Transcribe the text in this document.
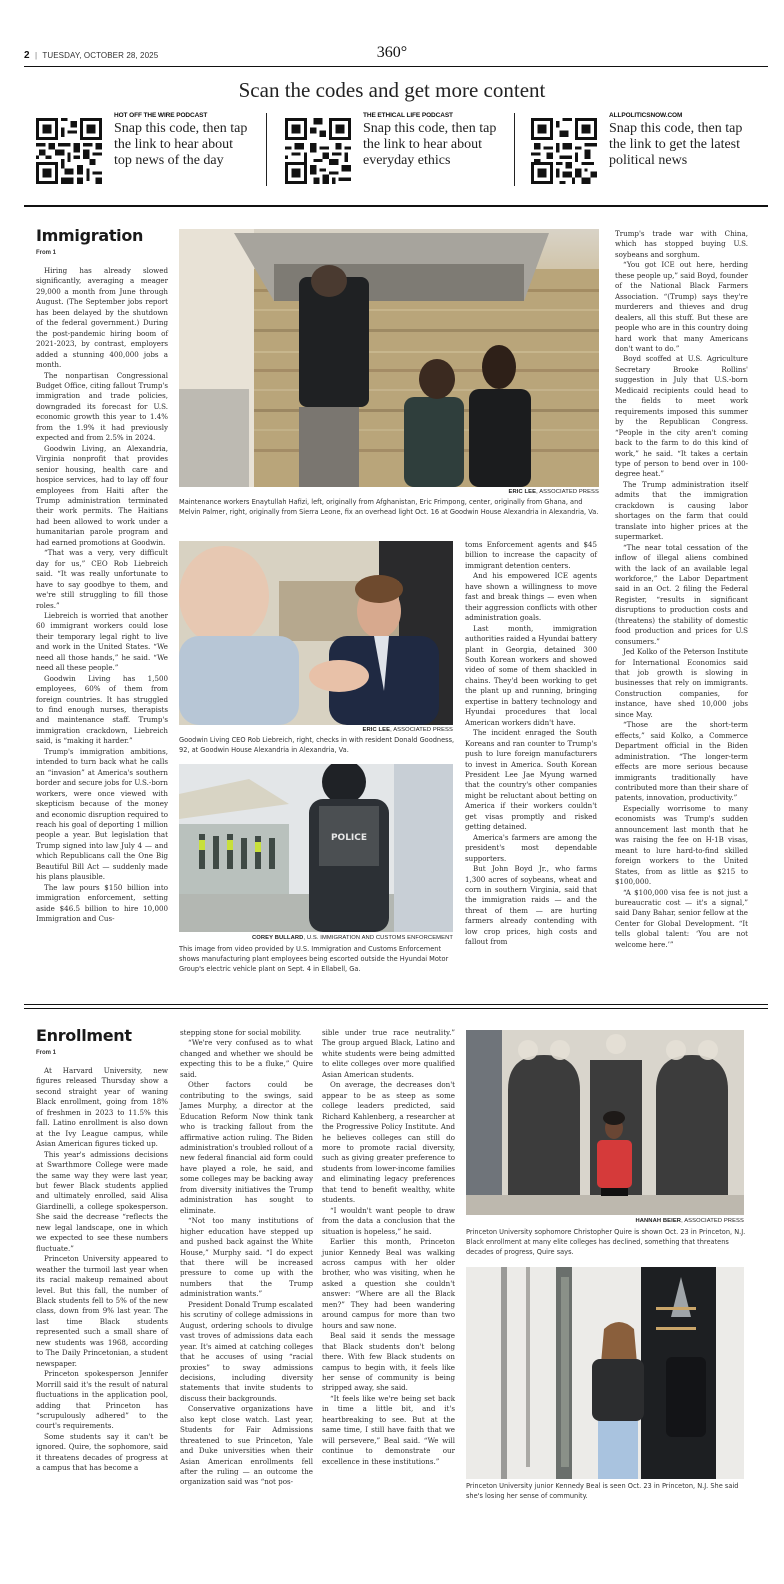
2 | TUESDAY, OCTOBER 28, 2025	360°
Scan the codes and get more content
HOT OFF THE WIRE PODCAST
Snap this code, then tap the link to hear about top news of the day
THE ETHICAL LIFE PODCAST
Snap this code, then tap the link to hear about everyday ethics
ALLPOLITICSNOW.COM
Snap this code, then tap the link to get the latest political news
Immigration
From 1

Hiring has already slowed significantly, averaging a meager 29,000 a month from June through August. (The September jobs report has been delayed by the shutdown of the federal government.) During the post-pandemic hiring boom of 2021-2023, by contrast, employers added a stunning 400,000 jobs a month.

The nonpartisan Congressional Budget Office, citing fallout Trump's immigration and trade policies, downgraded its forecast for U.S. economic growth this year to 1.4% from the 1.9% it had previously expected and from 2.5% in 2024.

Goodwin Living, an Alexandria, Virginia nonprofit that provides senior housing, health care and hospice services, had to lay off four employees from Haiti after the Trump administration terminated their work permits. The Haitians had been allowed to work under a humanitarian parole program and had earned promotions at Goodwin.

“That was a very, very difficult day for us,” CEO Rob Liebreich said. “It was really unfortunate to have to say goodbye to them, and we're still struggling to fill those roles.”

Liebreich is worried that another 60 immigrant workers could lose their temporary legal right to live and work in the United States. “We need all those hands,” he said. “We need all these people.”

Goodwin Living has 1,500 employees, 60% of them from foreign countries. It has struggled to find enough nurses, therapists and maintenance staff. Trump's immigration crackdown, Liebreich said, is “making it harder.”

Trump's immigration ambitions, intended to turn back what he calls an “invasion” at America's southern border and secure jobs for U.S.-born workers, were once viewed with skepticism because of the money and economic disruption required to reach his goal of deporting 1 million people a year. But legislation that Trump signed into law July 4 — and which Republicans call the One Big Beautiful Bill Act — suddenly made his plans plausible.

The law pours $150 billion into immigration enforcement, setting aside $46.5 billion to hire 10,000 Immigration and Cus-

ERIC LEE, ASSOCIATED PRESS
Maintenance workers Enaytullah Hafizi, left, originally from Afghanistan, Eric Frimpong, center, originally from Ghana, and Melvin Palmer, right, originally from Sierra Leone, fix an overhead light Oct. 16 at Goodwin House Alexandria in Alexandria, Va.
ERIC LEE, ASSOCIATED PRESS
Goodwin Living CEO Rob Liebreich, right, checks in with resident Donald Goodness, 92, at Goodwin House Alexandria in Alexandria, Va.
POLICE
COREY BULLARD, U.S. IMMIGRATION AND CUSTOMS ENFORCEMENT
This image from video provided by U.S. Immigration and Customs Enforcement shows manufacturing plant employees being escorted outside the Hyundai Motor Group's electric vehicle plant on Sept. 4 in Ellabell, Ga.

toms Enforcement agents and $45 billion to increase the capacity of immigrant detention centers.

And his empowered ICE agents have shown a willingness to move fast and break things — even when their aggression conflicts with other administration goals.

Last month, immigration authorities raided a Hyundai battery plant in Georgia, detained 300 South Korean workers and showed video of some of them shackled in chains. They'd been working to get the plant up and running, bringing expertise in battery technology and Hyundai procedures that local American workers didn't have.

The incident enraged the South Koreans and ran counter to Trump's push to lure foreign manufacturers to invest in America. South Korean President Lee Jae Myung warned that the country's other companies might be reluctant about betting on America if their workers couldn't get visas promptly and risked getting detained.

America's farmers are among the president's most dependable supporters.

But John Boyd Jr., who farms 1,300 acres of soybeans, wheat and corn in southern Virginia, said that the immigration raids — and the threat of them — are hurting farmers already contending with low crop prices, high costs and fallout from

Trump's trade war with China, which has stopped buying U.S. soybeans and sorghum.

“You got ICE out here, herding these people up,” said Boyd, founder of the National Black Farmers Association. “(Trump) says they're murderers and thieves and drug dealers, all this stuff. But these are people who are in this country doing hard work that many Americans don't want to do.”

Boyd scoffed at U.S. Agriculture Secretary Brooke Rollins' suggestion in July that U.S.-born Medicaid recipients could head to the fields to meet work requirements imposed this summer by the Republican Congress. “People in the city aren't coming back to the farm to do this kind of work,” he said. “It takes a certain type of person to bend over in 100-degree heat.”

The Trump administration itself admits that the immigration crackdown is causing labor shortages on the farm that could translate into higher prices at the supermarket.

“The near total cessation of the inflow of illegal aliens combined with the lack of an available legal workforce,” the Labor Department said in an Oct. 2 filing the Federal Register, “results in significant disruptions to production costs and (threatens) the stability of domestic food production and prices for U.S consumers.”

Jed Kolko of the Peterson Institute for International Economics said that job growth is slowing in businesses that rely on immigrants. Construction companies, for instance, have shed 10,000 jobs since May.

“Those are the short-term effects,” said Kolko, a Commerce Department official in the Biden administration. “The longer-term effects are more serious because immigrants traditionally have contributed more than their share of patents, innovation, productivity.”

Especially worrisome to many economists was Trump's sudden announcement last month that he was raising the fee on H-1B visas, meant to lure hard-to-find skilled foreign workers to the United States, from as little as $215 to $100,000.

“A $100,000 visa fee is not just a bureaucratic cost — it's a signal,” said Dany Bahar, senior fellow at the Center for Global Development. “It tells global talent: ‘You are not welcome here.’”

Enrollment
From 1

At Harvard University, new figures released Thursday show a second straight year of waning Black enrollment, going from 18% of freshmen in 2023 to 11.5% this fall. Latino enrollment is also down at the Ivy League campus, while Asian American figures ticked up.

This year's admissions decisions at Swarthmore College were made the same way they were last year, but fewer Black students applied and ultimately enrolled, said Alisa Giardinelli, a college spokesperson. She said the decrease “reflects the new legal landscape, one in which we expected to see these numbers fluctuate.”

Princeton University appeared to weather the turmoil last year when its racial makeup remained about level. But this fall, the number of Black students fell to 5% of the new class, down from 9% last year. The last time Black students represented such a small share of new students was 1968, according to The Daily Princetonian, a student newspaper.

Princeton spokesperson Jennifer Morrill said it's the result of natural fluctuations in the application pool, adding that Princeton has “scrupulously adhered” to the court's requirements.

Some students say it can't be ignored. Quire, the sophomore, said it threatens decades of progress at a campus that has become a

stepping stone for social mobility.

“We're very confused as to what changed and whether we should be expecting this to be a fluke,” Quire said.

Other factors could be contributing to the swings, said James Murphy, a director at the Education Reform Now think tank who is tracking fallout from the affirmative action ruling. The Biden administration's troubled rollout of a new federal financial aid form could have played a role, he said, and some colleges may be backing away from diversity initiatives the Trump administration has sought to eliminate.

“Not too many institutions of higher education have stepped up and pushed back against the White House,” Murphy said. “I do expect that there will be increased pressure to come up with the numbers that the Trump administration wants.”

President Donald Trump escalated his scrutiny of college admissions in August, ordering schools to divulge vast troves of admissions data each year. It's aimed at catching colleges that he accuses of using “racial proxies” to sway admissions decisions, including diversity statements that invite students to discuss their backgrounds.

Conservative organizations have also kept close watch. Last year, Students for Fair Admissions threatened to sue Princeton, Yale and Duke universities when their Asian American enrollments fell after the ruling — an outcome the organization said was “not pos-

sible under true race neutrality.” The group argued Black, Latino and white students were being admitted to elite colleges over more qualified Asian American students.

On average, the decreases don't appear to be as steep as some college leaders predicted, said Richard Kahlenberg, a researcher at the Progressive Policy Institute. And he believes colleges can still do more to promote racial diversity, such as giving greater preference to students from lower-income families and eliminating legacy preferences that tend to benefit wealthy, white students.

“I wouldn't want people to draw from the data a conclusion that the situation is hopeless,” he said.

Earlier this month, Princeton junior Kennedy Beal was walking across campus with her older brother, who was visiting, when he asked a question she couldn't answer: “Where are all the Black men?” They had been wandering around campus for more than two hours and saw none.

Beal said it sends the message that Black students don't belong there. With few Black students on campus to begin with, it feels like her sense of community is being stripped away, she said.

“It feels like we're being set back in time a little bit, and it's heartbreaking to see. But at the same time, I still have faith that we will persevere,” Beal said. “We will continue to demonstrate our excellence in these institutions.”

HANNAH BEIER, ASSOCIATED PRESS
Princeton University sophomore Christopher Quire is shown Oct. 23 in Princeton, N.J. Black enrollment at many elite colleges has declined, something that threatens decades of progress, Quire says.
Princeton University junior Kennedy Beal is seen Oct. 23 in Princeton, N.J. She said she's losing her sense of community.
